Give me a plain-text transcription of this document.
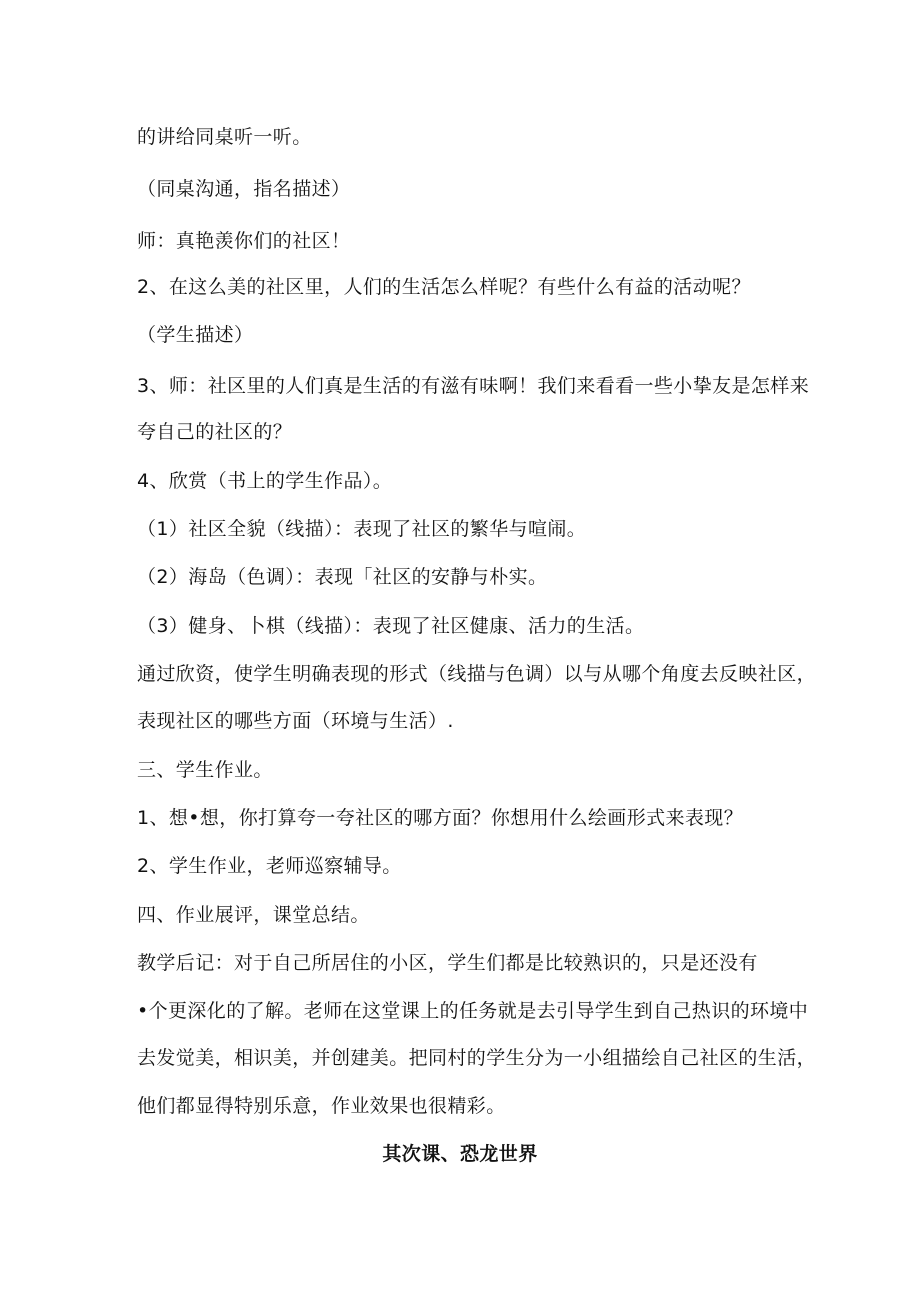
的讲给同桌听一听。
（同桌沟通，指名描述）
师：真艳羡你们的社区！
2、在这么美的社区里，人们的生活怎么样呢？有些什么有益的活动呢？
（学生描述）
3、师：社区里的人们真是生活的有滋有味啊！我们来看看一些小挚友是怎样来
夸自己的社区的？
4、欣赏（书上的学生作品）。
（1）社区全貌（线描）：表现了社区的繁华与喧闹。
（2）海岛（色调）：表现「社区的安静与朴实。
（3）健身、卜棋（线描）：表现了社区健康、活力的生活。
通过欣资，使学生明确表现的形式（线描与色调）以与从哪个角度去反映社区，
表现社区的哪些方面（环境与生活）.
三、学生作业。
1、想•想，你打算夸一夸社区的哪方面？你想用什么绘画形式来表现？
2、学生作业，老师巡察辅导。
四、作业展评，课堂总结。
教学后记：对于自己所居住的小区，学生们都是比较熟识的，只是还没有
•个更深化的了解。老师在这堂课上的任务就是去引导学生到自己热识的环境中
去发觉美，相识美，并创建美。把同村的学生分为一小组描绘自己社区的生活，
他们都显得特别乐意，作业效果也很精彩。
其次课、恐龙世界
